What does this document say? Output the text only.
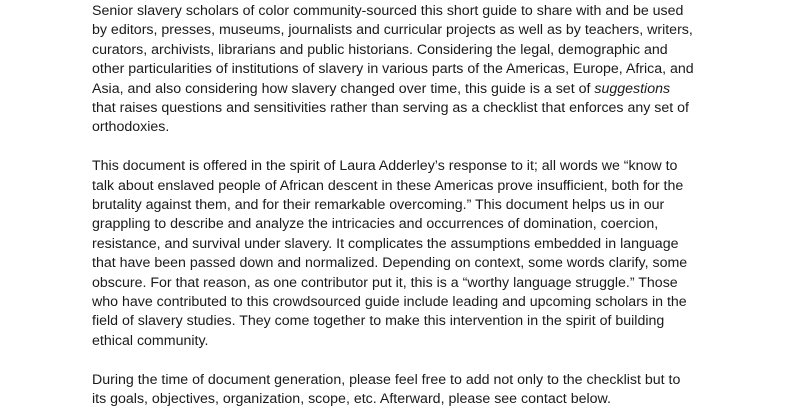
Senior slavery scholars of color community-sourced this short guide to share with and be used
by editors, presses, museums, journalists and curricular projects as well as by teachers, writers,
curators, archivists, librarians and public historians. Considering the legal, demographic and
other particularities of institutions of slavery in various parts of the Americas, Europe, Africa, and
Asia, and also considering how slavery changed over time, this guide is a set of suggestions
that raises questions and sensitivities rather than serving as a checklist that enforces any set of
orthodoxies.

This document is offered in the spirit of Laura Adderley’s response to it; all words we “know to
talk about enslaved people of African descent in these Americas prove insufficient, both for the
brutality against them, and for their remarkable overcoming.” This document helps us in our
grappling to describe and analyze the intricacies and occurrences of domination, coercion,
resistance, and survival under slavery. It complicates the assumptions embedded in language
that have been passed down and normalized. Depending on context, some words clarify, some
obscure. For that reason, as one contributor put it, this is a “worthy language struggle.” Those
who have contributed to this crowdsourced guide include leading and upcoming scholars in the
field of slavery studies. They come together to make this intervention in the spirit of building
ethical community.

During the time of document generation, please feel free to add not only to the checklist but to
its goals, objectives, organization, scope, etc. Afterward, please see contact below.
